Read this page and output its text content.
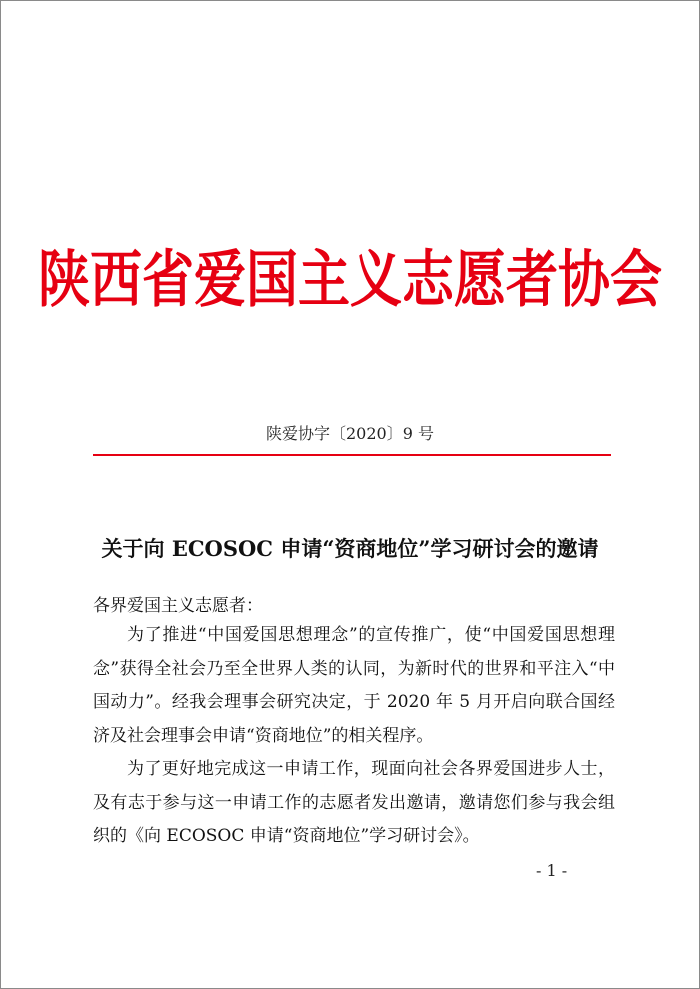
陕西省爱国主义志愿者协会
陕爱协字〔2020〕9 号
关于向 ECOSOC 申请“资商地位”学习研讨会的邀请
各界爱国主义志愿者：

为了推进“中国爱国思想理念”的宣传推广，使“中国爱国思想理念”获得全社会乃至全世界人类的认同，为新时代的世界和平注入“中国动力”。经我会理事会研究决定，于 2020 年 5 月开启向联合国经济及社会理事会申请“资商地位”的相关程序。

为了更好地完成这一申请工作，现面向社会各界爱国进步人士，及有志于参与这一申请工作的志愿者发出邀请，邀请您们参与我会组织的《向 ECOSOC 申请“资商地位”学习研讨会》。

- 1 -
